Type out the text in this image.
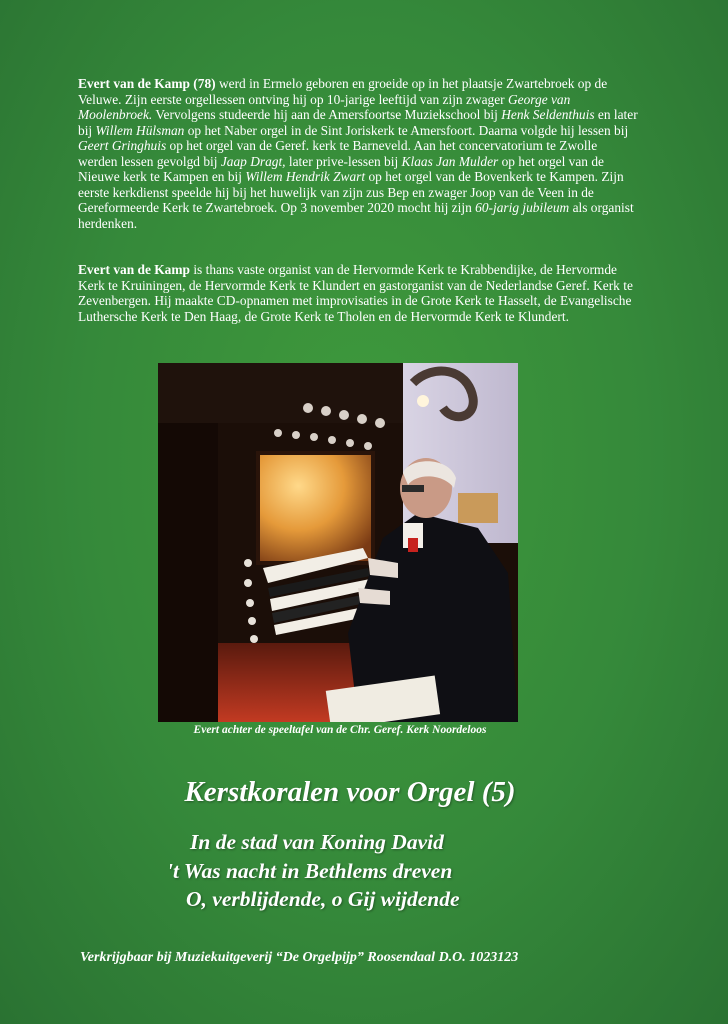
Evert van de Kamp (78) werd in Ermelo geboren en groeide op in het plaatsje Zwartebroek op de Veluwe. Zijn eerste orgellessen ontving hij op 10-jarige leeftijd van zijn zwager George van Moolenbroek. Vervolgens studeerde hij aan de Amersfoortse Muziekschool bij Henk Seldenthuis en later bij Willem Hülsman op het Naber orgel in de Sint Joriskerk te Amersfoort. Daarna volgde hij lessen bij Geert Gringhuis op het orgel van de Geref. kerk te Barneveld. Aan het concervatorium te Zwolle werden lessen gevolgd bij Jaap Dragt, later prive-lessen bij Klaas Jan Mulder op het orgel van de Nieuwe kerk te Kampen en bij Willem Hendrik Zwart op het orgel van de Bovenkerk te Kampen. Zijn eerste kerkdienst speelde hij bij het huwelijk van zijn zus Bep en zwager Joop van de Veen in de Gereformeerde Kerk te Zwartebroek. Op 3 november 2020 mocht hij zijn 60-jarig jubileum als organist herdenken.

Evert van de Kamp is thans vaste organist van de Hervormde Kerk te Krabbendijke, de Hervormde Kerk te Kruiningen, de Hervormde Kerk te Klundert en gastorganist van de Nederlandse Geref. Kerk te Zevenbergen. Hij maakte CD-opnamen met improvisaties in de Grote Kerk te Hasselt, de Evangelische Luthersche Kerk te Den Haag, de Grote Kerk te Tholen en de Hervormde Kerk te Klundert.

Evert achter de speeltafel van de Chr. Geref. Kerk Noordeloos
Kerstkoralen voor Orgel (5)
In de stad van Koning David
't Was nacht in Bethlems dreven
O, verblijdende, o Gij wijdende
Verkrijgbaar bij Muziekuitgeverij “De Orgelpijp” Roosendaal D.O. 1023123
